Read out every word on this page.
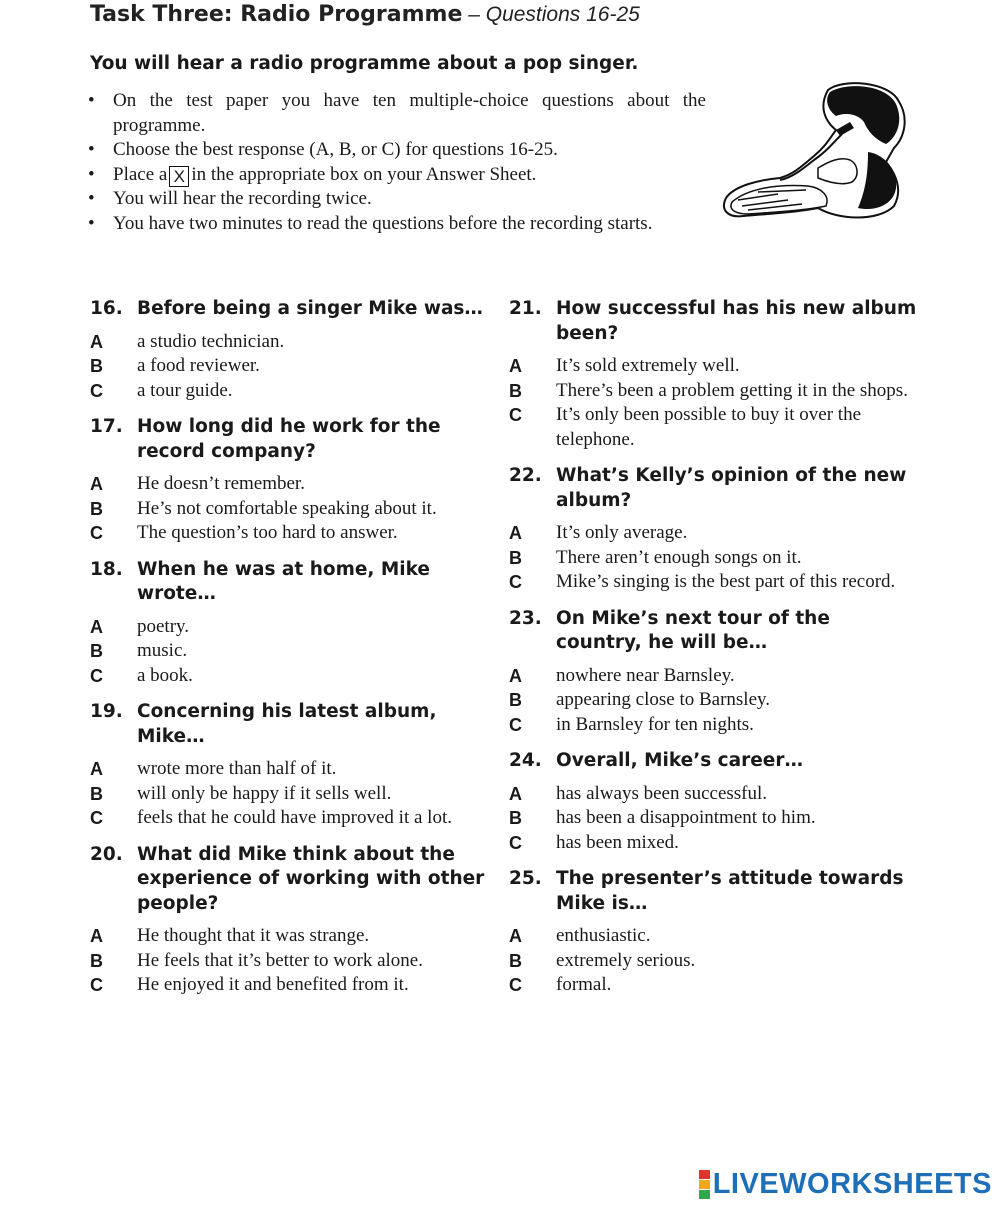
Task Three: Radio Programme – Questions 16-25
You will hear a radio programme about a pop singer.
• On the test paper you have ten multiple-choice questions about the programme.
• Choose the best response (A, B, or C) for questions 16-25.
• Place a X in the appropriate box on your Answer Sheet.
• You will hear the recording twice.
• You have two minutes to read the questions before the recording starts.
16. Before being a singer Mike was…
A	a studio technician.
B	a food reviewer.
C	a tour guide.
17. How long did he work for the record company?
A	He doesn’t remember.
B	He’s not comfortable speaking about it.
C	The question’s too hard to answer.
18. When he was at home, Mike wrote…
A	poetry.
B	music.
C	a book.
19. Concerning his latest album, Mike…
A	wrote more than half of it.
B	will only be happy if it sells well.
C	feels that he could have improved it a lot.
20. What did Mike think about the experience of working with other people?
A	He thought that it was strange.
B	He feels that it’s better to work alone.
C	He enjoyed it and benefited from it.
21. How successful has his new album been?
A	It’s sold extremely well.
B	There’s been a problem getting it in the shops.
C	It’s only been possible to buy it over the telephone.
22. What’s Kelly’s opinion of the new album?
A	It’s only average.
B	There aren’t enough songs on it.
C	Mike’s singing is the best part of this record.
23. On Mike’s next tour of the country, he will be…
A	nowhere near Barnsley.
B	appearing close to Barnsley.
C	in Barnsley for ten nights.
24. Overall, Mike’s career…
A	has always been successful.
B	has been a disappointment to him.
C	has been mixed.
25. The presenter’s attitude towards Mike is…
A	enthusiastic.
B	extremely serious.
C	formal.
LIVEWORKSHEETS
